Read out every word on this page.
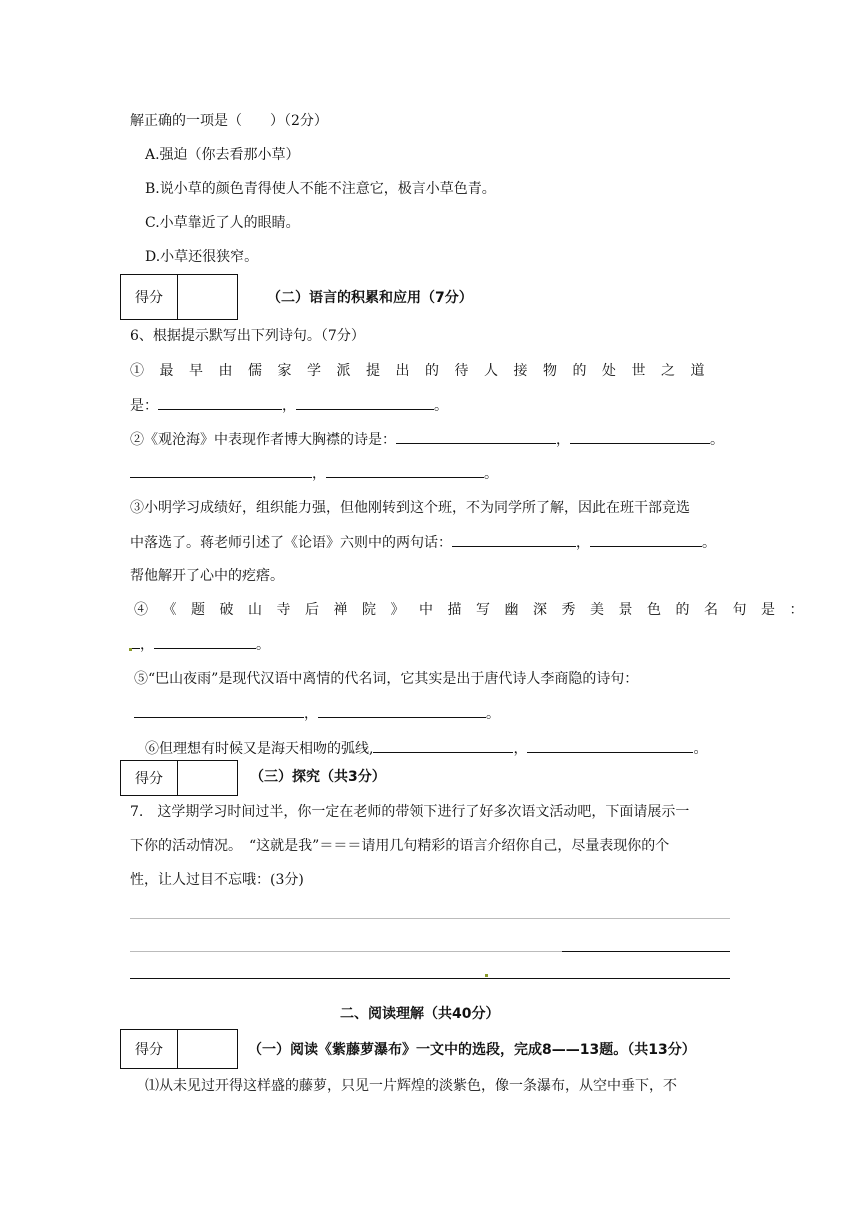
解正确的一项是（　　）（2分）
A.强迫（你去看那小草）
B.说小草的颜色青得使人不能不注意它，极言小草色青。
C.小草靠近了人的眼睛。
D.小草还很狭窄。
得分	（二）语言的积累和应用（7分）
6、根据提示默写出下列诗句。（7分）
①最早由儒家学派提出的待人接物的处世之道
是：	，	。
②《观沧海》中表现作者博大胸襟的诗是：	，	。
，	。
③小明学习成绩好，组织能力强，但他刚转到这个班，不为同学所了解，因此在班干部竞选
中落选了。蒋老师引述了《论语》六则中的两句话：	，	。
帮他解开了心中的疙瘩。
④《题破山寺后禅院》中描写幽深秀美景色的名句是：
，	。
⑤“巴山夜雨”是现代汉语中离情的代名词，它其实是出于唐代诗人李商隐的诗句：
，	。
⑥但理想有时候又是海天相吻的弧线,	，	。
得分	（三）探究（共3分）
7.　这学期学习时间过半，你一定在老师的带领下进行了好多次语文活动吧，下面请展示一
下你的活动情况。　“这就是我”＝＝＝请用几句精彩的语言介绍你自己，尽量表现你的个
性，让人过目不忘哦：(3分)
二、阅读理解（共40分）
得分	（一）阅读《紫藤萝瀑布》一文中的选段，完成8——13题。（共13分）
⑴从未见过开得这样盛的藤萝，只见一片辉煌的淡紫色，像一条瀑布，从空中垂下，不
